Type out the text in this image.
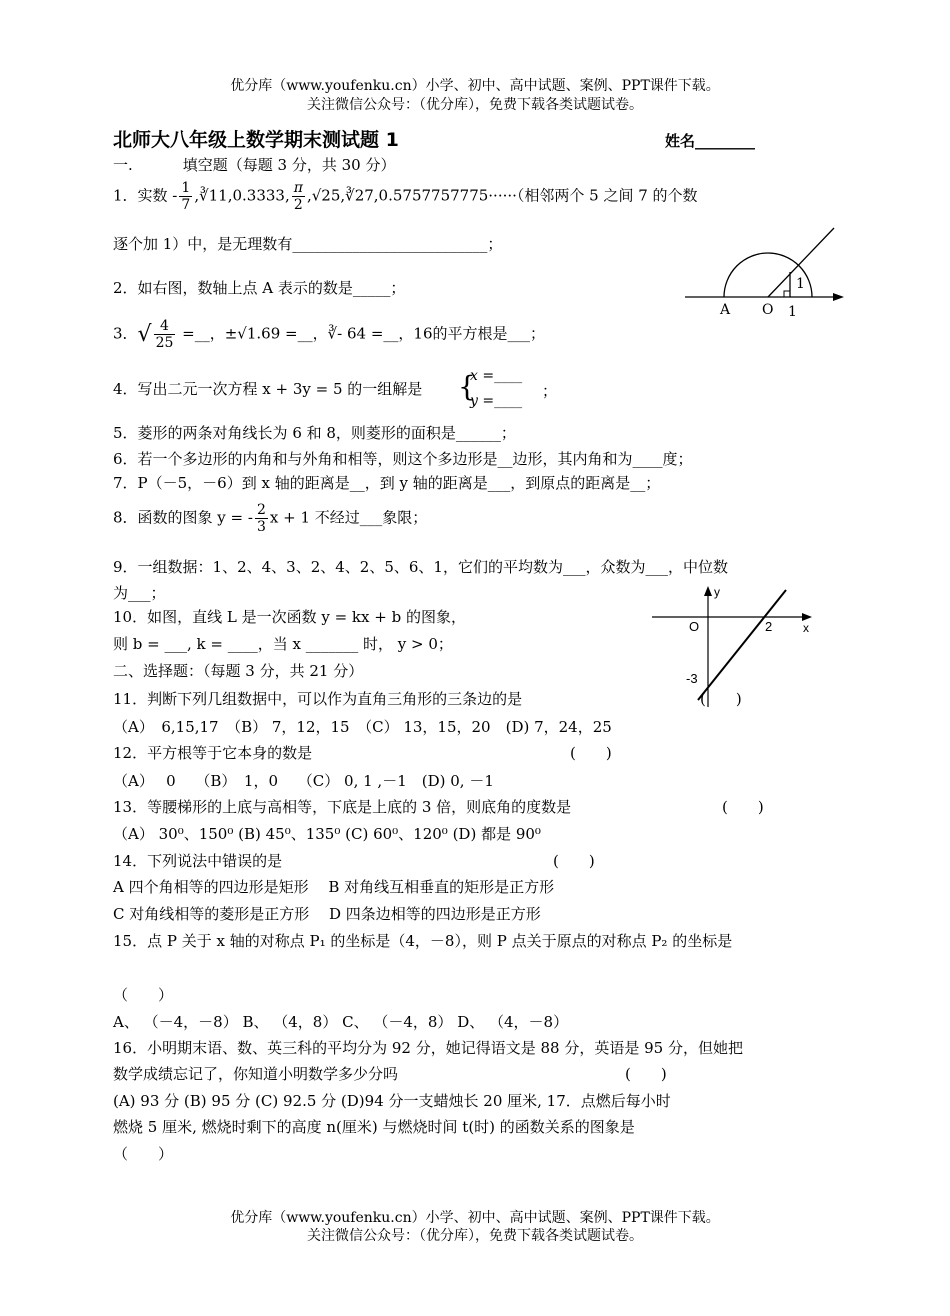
优分库（www.youfenku.cn）小学、初中、高中试题、案例、PPT课件下载。
关注微信公众号：（优分库），免费下载各类试题试卷。
北师大八年级上数学期末测试题 1	姓名________
一.	填空题（每题 3 分，共 30 分）
1．实数 - $\frac{1}{7}$ ,∛11,0.3333, $\frac{\pi}{2}$ ,√25,∛27,0.5757757775······（相邻两个 5 之间 7 的个数
逐个加 1）中，是无理数有__________________________；
2．如右图，数轴上点 A 表示的数是_____；
A O 1
1
3．√ $\frac{4}{25}$ =__，±√1.69 =__，∛- 64 =__，16的平方根是___；
4．写出二元一次方程 x + 3y = 5 的一组解是 {
x =____
y =____
；
5．菱形的两条对角线长为 6 和 8，则菱形的面积是______；
6．若一个多边形的内角和与外角和相等，则这个多边形是__边形，其内角和为____度；
7．P（－5，－6）到 x 轴的距离是__，到 y 轴的距离是___，到原点的距离是__；
8．函数的图象 y = - $\frac{2}{3}$ x + 1 不经过___象限；
9．一组数据：1、2、4、3、2、4、2、5、6、1，它们的平均数为___，众数为___，中位数
为___；
10．如图，直线 L 是一次函数 y = kx + b 的图象，
则 b = ___, k = ____，当 x _______ 时， y > 0；
y
x
O	2
-3
二、选择题：（每题 3 分，共 21 分）
11．判断下列几组数据中，可以作为直角三角形的三条边的是	(　　)
（A）　6,15,17　（B） 7，12，15　（C） 13，15，20　(D) 7，24，25
12．平方根等于它本身的数是	(　　)
（A）　 0　 （B）　1，0　 （C） 0, 1 ,－1　(D) 0, －1
13．等腰梯形的上底与高相等，下底是上底的 3 倍，则底角的度数是	(　　)
（A） 30⁰、150⁰ (B) 45⁰、135⁰ (C) 60⁰、120⁰ (D) 都是 90⁰
14．下列说法中错误的是	(　　)
A 四个角相等的四边形是矩形　 B 对角线互相垂直的矩形是正方形
C 对角线相等的菱形是正方形　 D 四条边相等的四边形是正方形
15．点 P 关于 x 轴的对称点 P₁ 的坐标是（4，－8），则 P 点关于原点的对称点 P₂ 的坐标是
（　　）
A、 （－4，－8） B、 （4，8） C、 （－4，8） D、 （4，－8）
16．小明期末语、数、英三科的平均分为 92 分，她记得语文是 88 分，英语是 95 分，但她把
数学成绩忘记了，你知道小明数学多少分吗	(　　)
(A) 93 分 (B) 95 分 (C) 92.5 分 (D)94 分一支蜡烛长 20 厘米, 17．点燃后每小时
燃烧 5 厘米, 燃烧时剩下的高度 n(厘米) 与燃烧时间 t(时) 的函数关系的图象是
（　　）
优分库（www.youfenku.cn）小学、初中、高中试题、案例、PPT课件下载。
关注微信公众号：（优分库），免费下载各类试题试卷。
